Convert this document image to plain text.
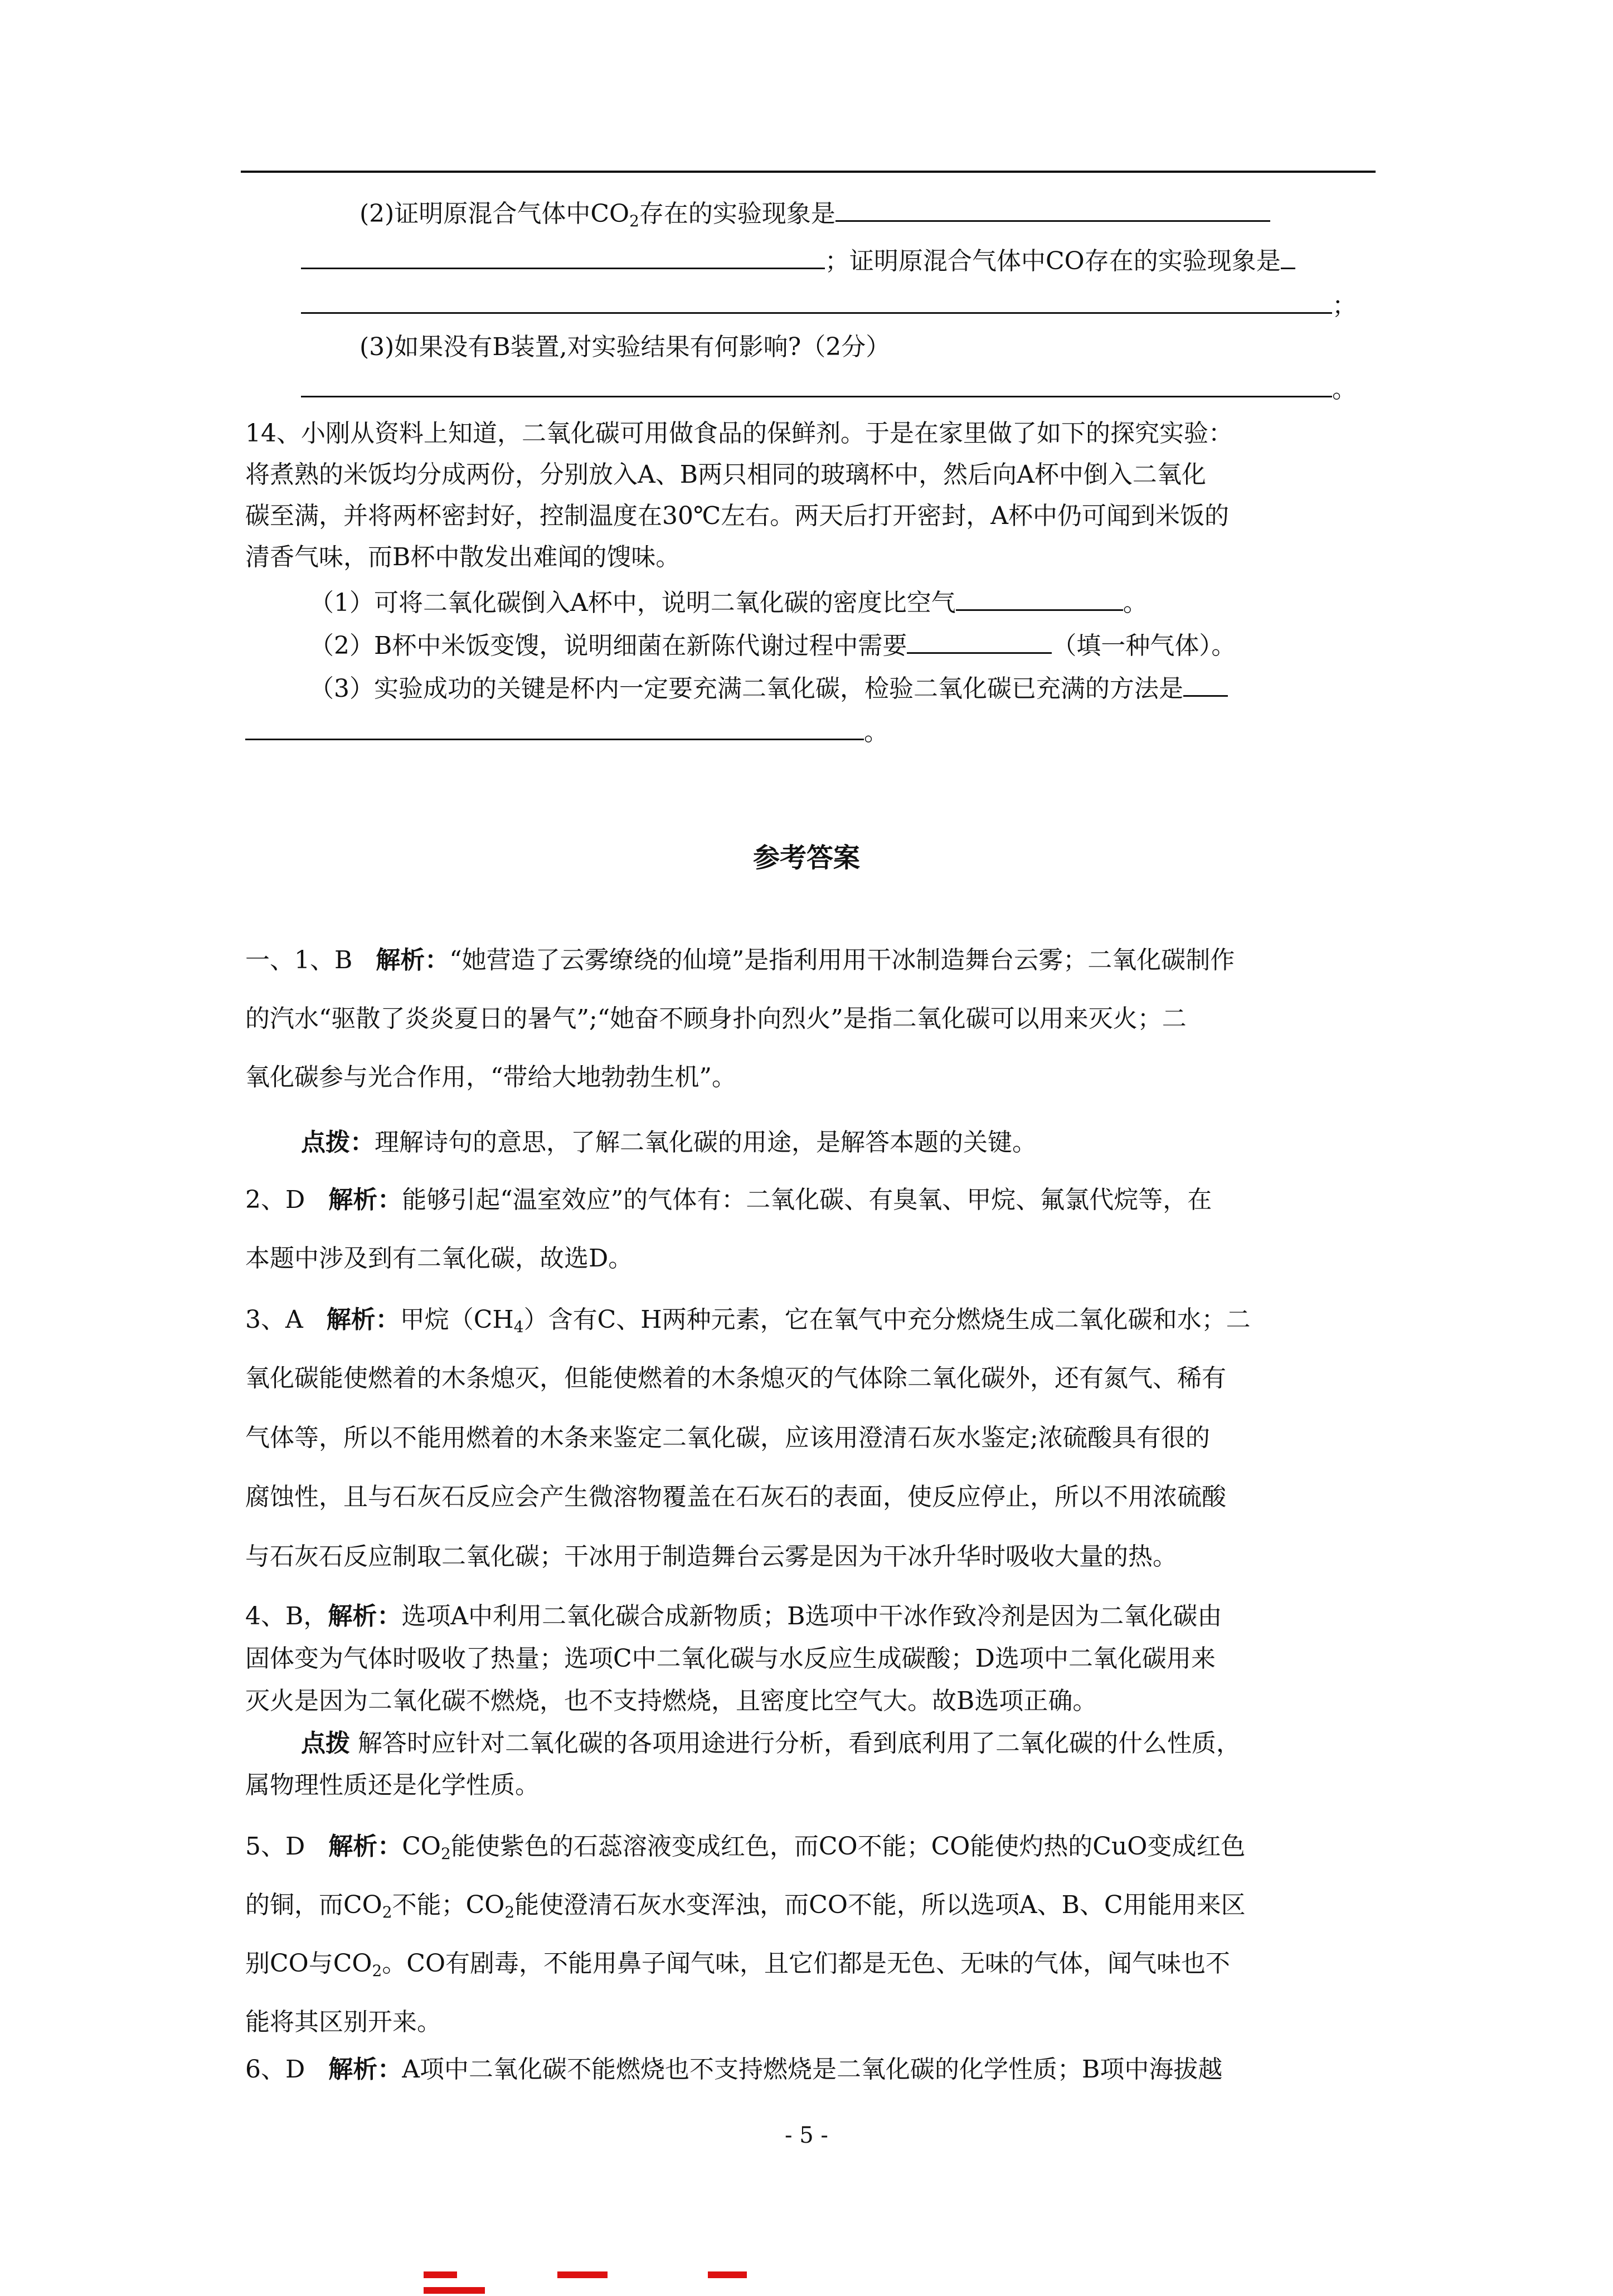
(2)证明原混合气体中$CO_2$存在的实验现象是
；证明原混合气体中CO存在的实验现象是
；
(3)如果没有B装置,对实验结果有何影响?（2分）
。
14、小刚从资料上知道，二氧化碳可用做食品的保鲜剂。于是在家里做了如下的探究实验：
将煮熟的米饭均分成两份，分别放入A、B两只相同的玻璃杯中，然后向A杯中倒入二氧化
碳至满，并将两杯密封好，控制温度在30℃左右。两天后打开密封，A杯中仍可闻到米饭的
清香气味，而B杯中散发出难闻的馊味。
（1）可将二氧化碳倒入A杯中，说明二氧化碳的密度比空气	。
（2）B杯中米饭变馊，说明细菌在新陈代谢过程中需要	（填一种气体）。
（3）实验成功的关键是杯内一定要充满二氧化碳，检验二氧化碳已充满的方法是
。
参考答案
一、1、B 解析：“她营造了云雾缭绕的仙境”是指利用用干冰制造舞台云雾；二氧化碳制作
的汽水“驱散了炎炎夏日的暑气”;“她奋不顾身扑向烈火”是指二氧化碳可以用来灭火；二
氧化碳参与光合作用，“带给大地勃勃生机”。
点拨：理解诗句的意思，了解二氧化碳的用途，是解答本题的关键。
2、D 解析：能够引起“温室效应”的气体有：二氧化碳、有臭氧、甲烷、氟氯代烷等，在
本题中涉及到有二氧化碳，故选D。
3、A 解析：甲烷$(CH_4)$含有C、H两种元素，它在氧气中充分燃烧生成二氧化碳和水；二
氧化碳能使燃着的木条熄灭，但能使燃着的木条熄灭的气体除二氧化碳外，还有氮气、稀有
气体等，所以不能用燃着的木条来鉴定二氧化碳，应该用澄清石灰水鉴定;浓硫酸具有很的
腐蚀性，且与石灰石反应会产生微溶物覆盖在石灰石的表面，使反应停止，所以不用浓硫酸
与石灰石反应制取二氧化碳；干冰用于制造舞台云雾是因为干冰升华时吸收大量的热。
4、B，解析：选项A中利用二氧化碳合成新物质；B选项中干冰作致冷剂是因为二氧化碳由
固体变为气体时吸收了热量；选项C中二氧化碳与水反应生成碳酸；D选项中二氧化碳用来
灭火是因为二氧化碳不燃烧，也不支持燃烧，且密度比空气大。故B选项正确。
点拨 解答时应针对二氧化碳的各项用途进行分析，看到底利用了二氧化碳的什么性质，
属物理性质还是化学性质。
5、D 解析：$CO_2$能使紫色的石蕊溶液变成红色，而CO不能；CO能使灼热的CuO变成红色
的铜，而$CO_2$不能；$CO_2$能使澄清石灰水变浑浊，而CO不能，所以选项A、B、C用能用来区
别CO与$CO_2$。CO有剧毒，不能用鼻子闻气味，且它们都是无色、无味的气体，闻气味也不
能将其区别开来。
6、D 解析：A项中二氧化碳不能燃烧也不支持燃烧是二氧化碳的化学性质；B项中海拔越
- 5 -
